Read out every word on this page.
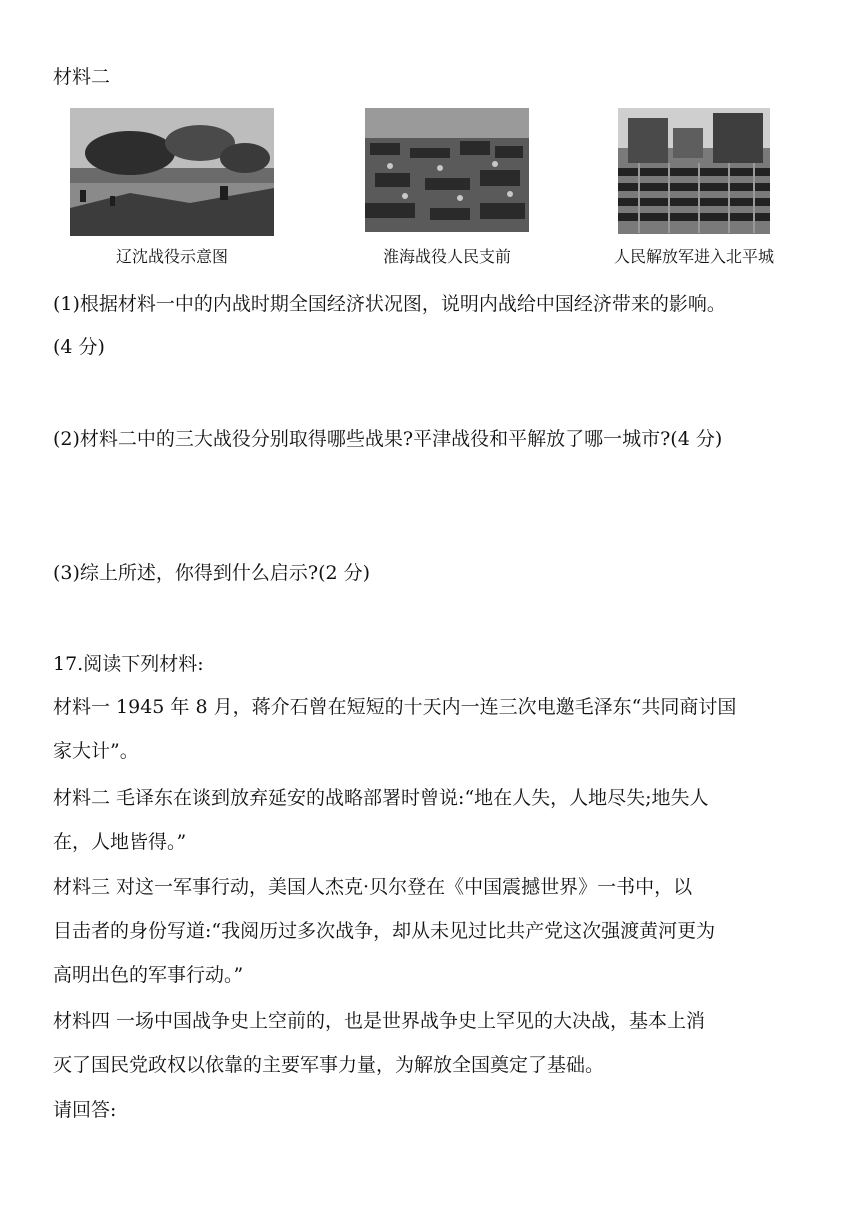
材料二
辽沈战役示意图	淮海战役人民支前	人民解放军进入北平城
(1)根据材料一中的内战时期全国经济状况图，说明内战给中国经济带来的影响。
(4 分)
(2)材料二中的三大战役分别取得哪些战果?平津战役和平解放了哪一城市?(4 分)
(3)综上所述，你得到什么启示?(2 分)
17.阅读下列材料:
材料一 1945 年 8 月，蒋介石曾在短短的十天内一连三次电邀毛泽东“共同商讨国
家大计”。
材料二 毛译东在谈到放弃延安的战略部署时曾说:“地在人失，人地尽失;地失人
在，人地皆得。”
材料三 对这一军事行动，美国人杰克·贝尔登在《中国震撼世界》一书中，以
目击者的身份写道:“我阅历过多次战争，却从未见过比共产党这次强渡黄河更为
高明出色的军事行动。”
材料四 一场中国战争史上空前的，也是世界战争史上罕见的大决战，基本上消
灭了国民党政权以依靠的主要军事力量，为解放全国奠定了基础。
请回答:
